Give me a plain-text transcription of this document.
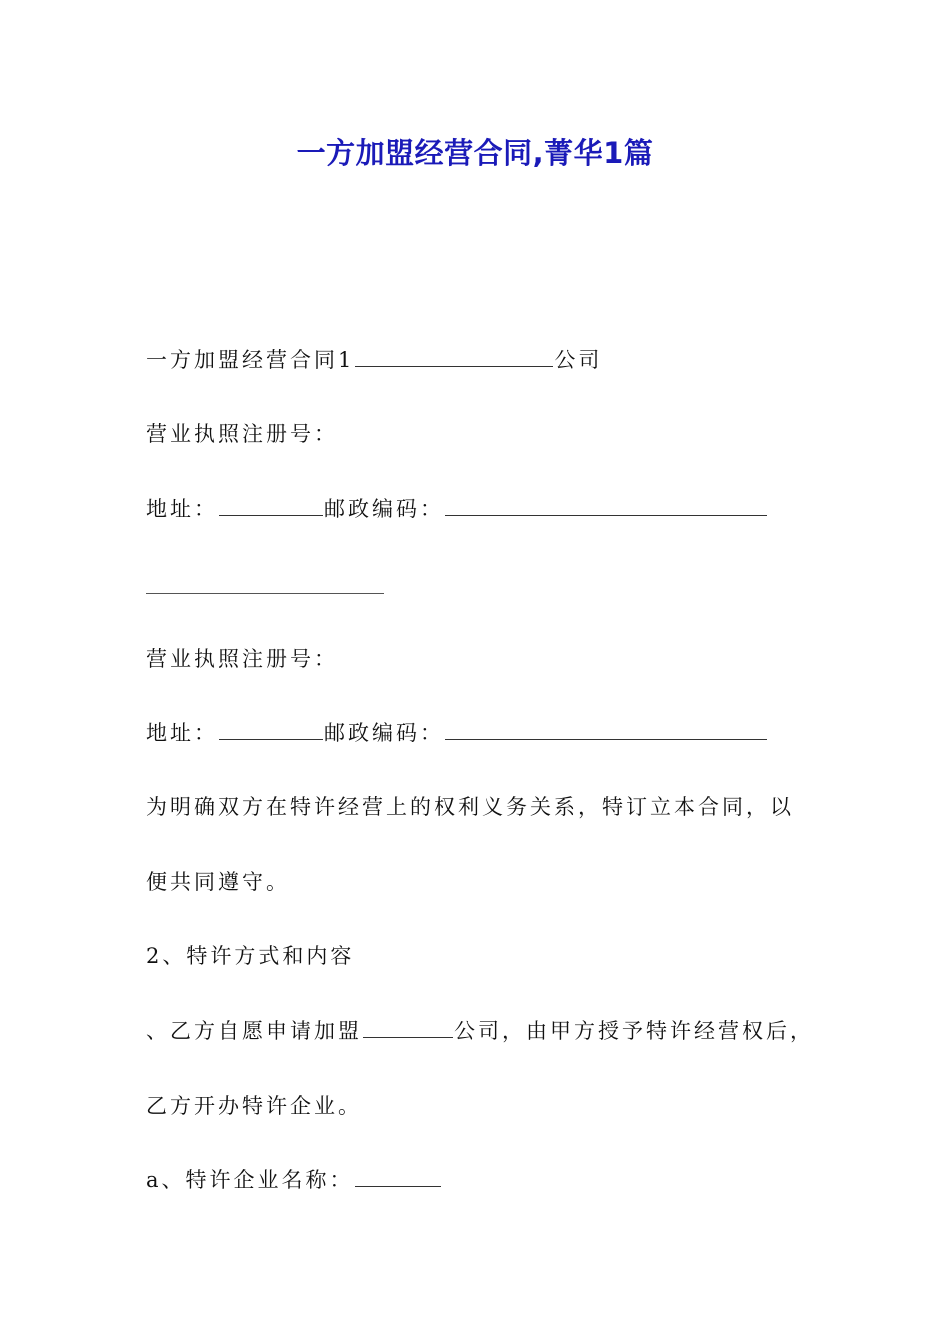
一方加盟经营合同,菁华1篇
一方加盟经营合同1	公司
营业执照注册号：
地址：	邮政编码：
营业执照注册号：
地址：	邮政编码：
为明确双方在特许经营上的权利义务关系，特订立本合同，以
便共同遵守。
2、特许方式和内容
、乙方自愿申请加盟	公司，由甲方授予特许经营权后，
乙方开办特许企业。
a、特许企业名称：
